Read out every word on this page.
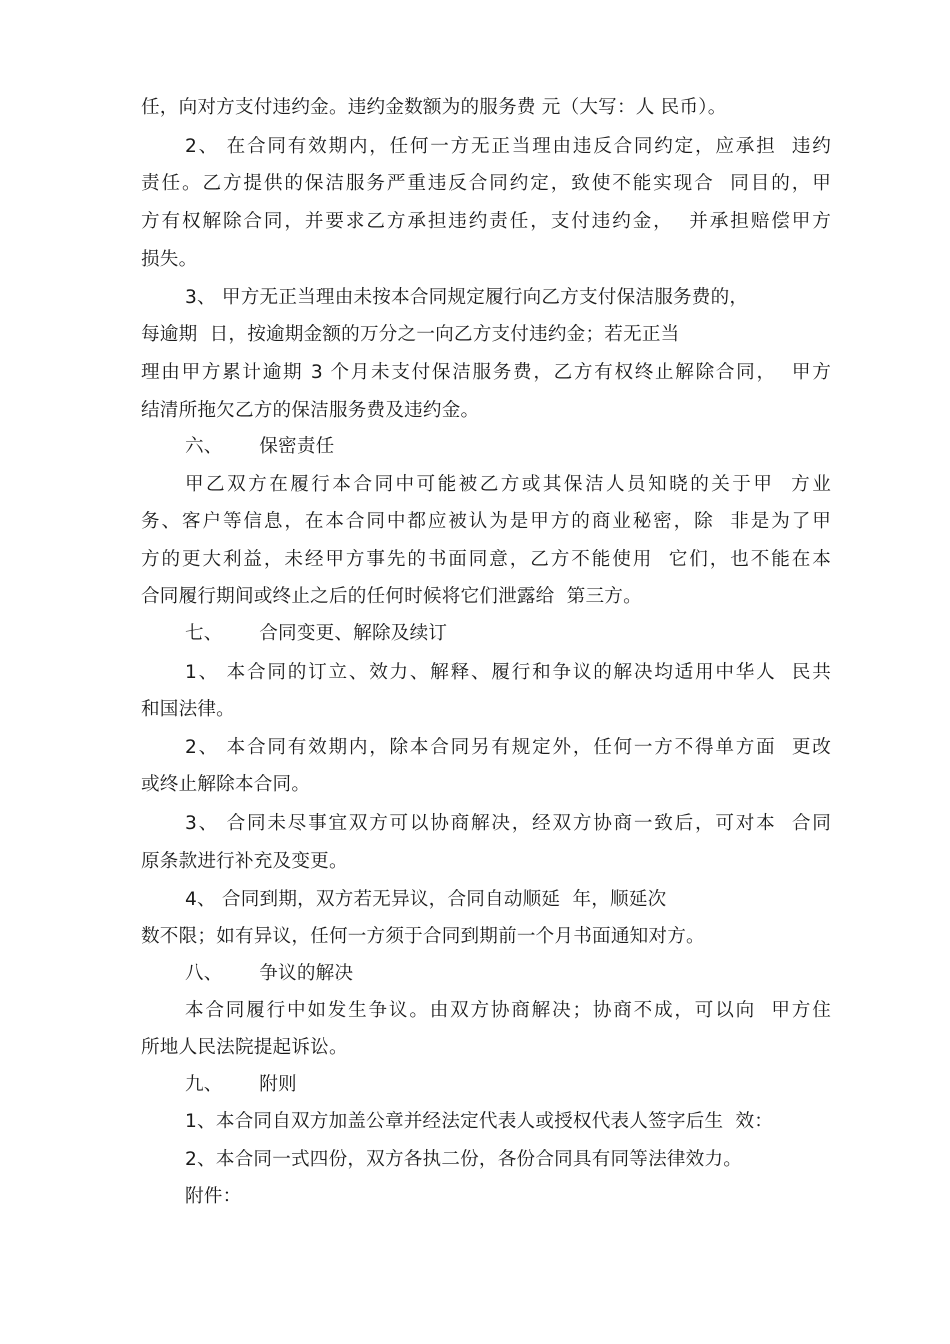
任，向对方支付违约金。违约金数额为的服务费 元（大写：人 民币）。
2、 在合同有效期内，任何一方无正当理由违反合同约定，应承担  违约
责任。乙方提供的保洁服务严重违反合同约定，致使不能实现合  同目的，甲
方有权解除合同，并要求乙方承担违约责任，支付违约金，  并承担赔偿甲方
损失。
3、 甲方无正当理由未按本合同规定履行向乙方支付保洁服务费的，
每逾期  日，按逾期金额的万分之一向乙方支付违约金；若无正当
理由甲方累计逾期 3 个月未支付保洁服务费，乙方有权终止解除合同，  甲方
结清所拖欠乙方的保洁服务费及违约金。
六、      保密责任
甲乙双方在履行本合同中可能被乙方或其保洁人员知晓的关于甲  方业
务、客户等信息，在本合同中都应被认为是甲方的商业秘密，除  非是为了甲
方的更大利益，未经甲方事先的书面同意，乙方不能使用  它们，也不能在本
合同履行期间或终止之后的任何时候将它们泄露给  第三方。
七、      合同变更、解除及续订
1、 本合同的订立、效力、解释、履行和争议的解决均适用中华人  民共
和国法律。
2、 本合同有效期内，除本合同另有规定外，任何一方不得单方面  更改
或终止解除本合同。
3、 合同未尽事宜双方可以协商解决，经双方协商一致后，可对本  合同
原条款进行补充及变更。
4、 合同到期，双方若无异议，合同自动顺延  年，顺延次
数不限；如有异议，任何一方须于合同到期前一个月书面通知对方。
八、      争议的解决
本合同履行中如发生争议。由双方协商解决；协商不成，可以向  甲方住
所地人民法院提起诉讼。
九、      附则
1、本合同自双方加盖公章并经法定代表人或授权代表人签字后生  效：
2、本合同一式四份，双方各执二份，各份合同具有同等法律效力。
附件：
